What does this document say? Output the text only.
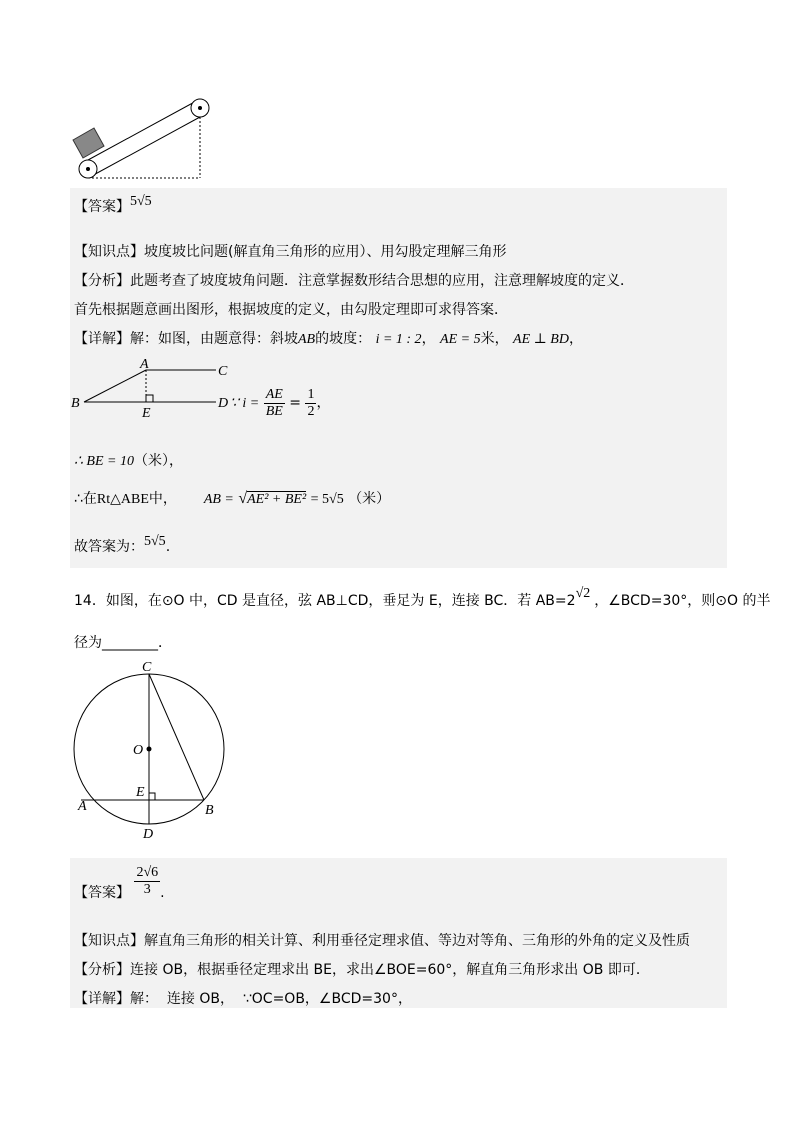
【答案】5√5
【知识点】坡度坡比问题(解直角三角形的应用）、用勾股定理解三角形
【分析】此题考查了坡度坡角问题．注意掌握数形结合思想的应用，注意理解坡度的定义．
首先根据题意画出图形，根据坡度的定义，由勾股定理即可求得答案．
【详解】解：如图，由题意得：斜坡AB的坡度： i = 1 : 2， AE = 5米， AE ⊥ BD，
A
B
C
E
D ∵ $i = \frac{AE}{BE} = \frac{1}{2}$ ，
∴ BE = 10（米），
∴在Rt△ABE中， AB = √AE² + BE² = 5√5 （米）
故答案为：5√5.
14．如图，在⊙O 中，CD 是直径，弦 AB⊥CD，垂足为 E，连接 BC．若 AB=2√2 ，∠BCD=30°，则⊙O 的半
径为________．
C
O
E
A	B
D
【答案】 $\frac{2√6}{3}$ .
【知识点】解直角三角形的相关计算、利用垂径定理求值、等边对等角、三角形的外角的定义及性质
【分析】连接 OB，根据垂径定理求出 BE，求出∠BOE=60°，解直角三角形求出 OB 即可．
【详解】解：  连接 OB，  ∵OC=OB，∠BCD=30°，
